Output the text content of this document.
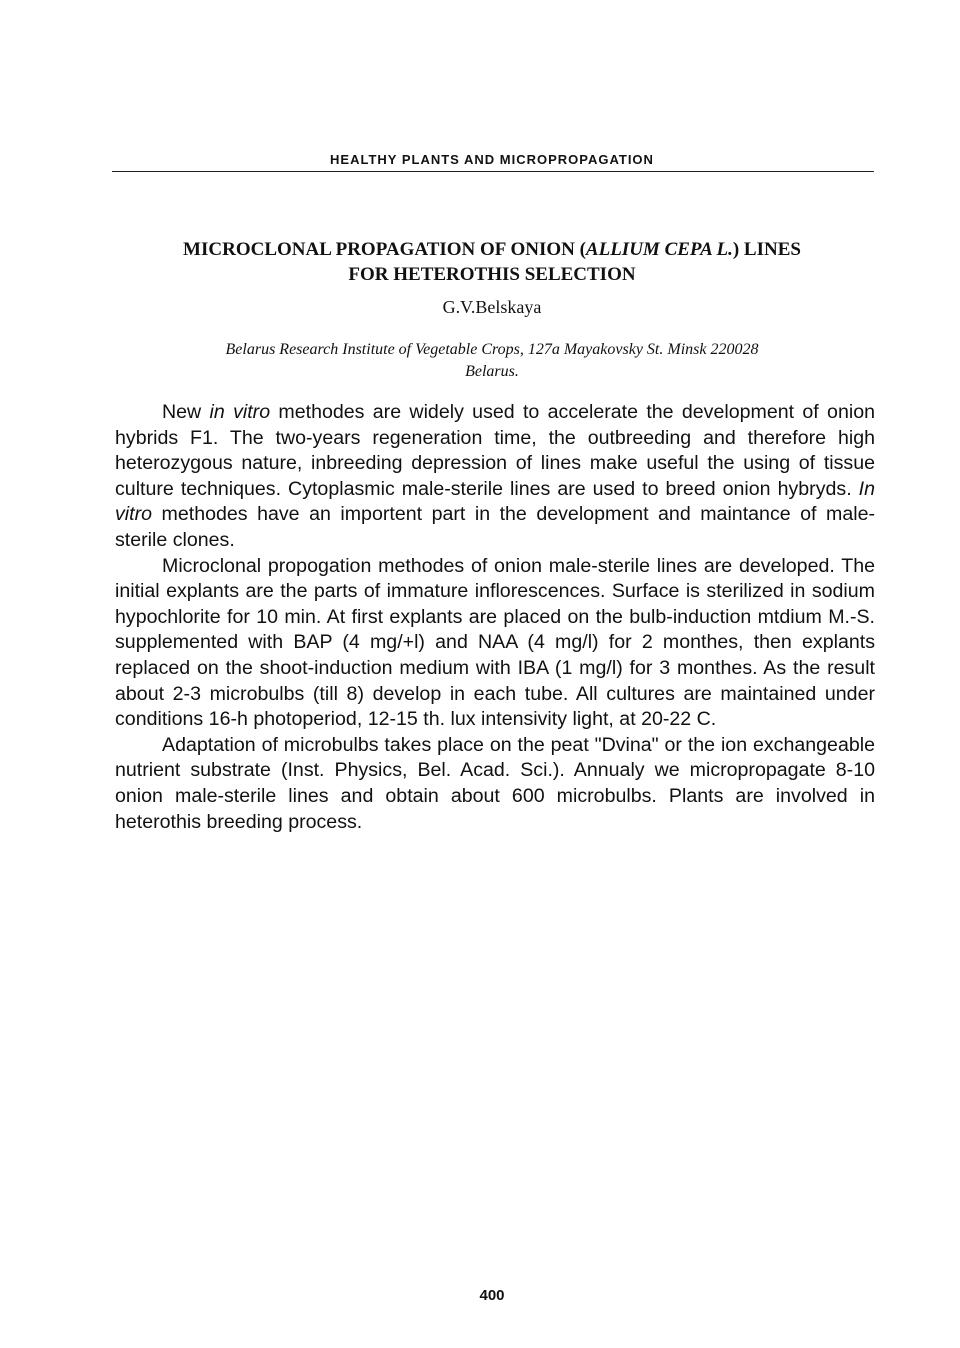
HEALTHY PLANTS AND MICROPROPAGATION
MICROCLONAL PROPAGATION OF ONION (ALLIUM CEPA L.) LINES
FOR HETEROTHIS SELECTION
G.V.Belskaya
Belarus Research Institute of Vegetable Crops, 127a Mayakovsky St. Minsk 220028
Belarus.

New in vitro methodes are widely used to accelerate the development of onion hybrids F1. The two-years regeneration time, the outbreeding and therefore high heterozygous nature, inbreeding depression of lines make useful the using of tissue culture techniques. Cytoplasmic male-sterile lines are used to breed onion hybryds. In vitro methodes have an importent part in the development and maintance of male-sterile clones.

Microclonal propogation methodes of onion male-sterile lines are developed. The initial explants are the parts of immature inflorescences. Surface is sterilized in sodium hypochlorite for 10 min. At first explants are placed on the bulb-induction mtdium M.-S. supplemented with BAP (4 mg/+l) and NAA (4 mg/l) for 2 monthes, then explants replaced on the shoot-induction medium with IBA (1 mg/l) for 3 monthes. As the result about 2-3 microbulbs (till 8) develop in each tube. All cultures are maintained under conditions 16-h photoperiod, 12-15 th. lux intensivity light, at 20-22 C.

Adaptation of microbulbs takes place on the peat "Dvina" or the ion exchangeable nutrient substrate (Inst. Physics, Bel. Acad. Sci.). Annualy we micropropagate 8-10 onion male-sterile lines and obtain about 600 microbulbs. Plants are involved in heterothis breeding process.

400
